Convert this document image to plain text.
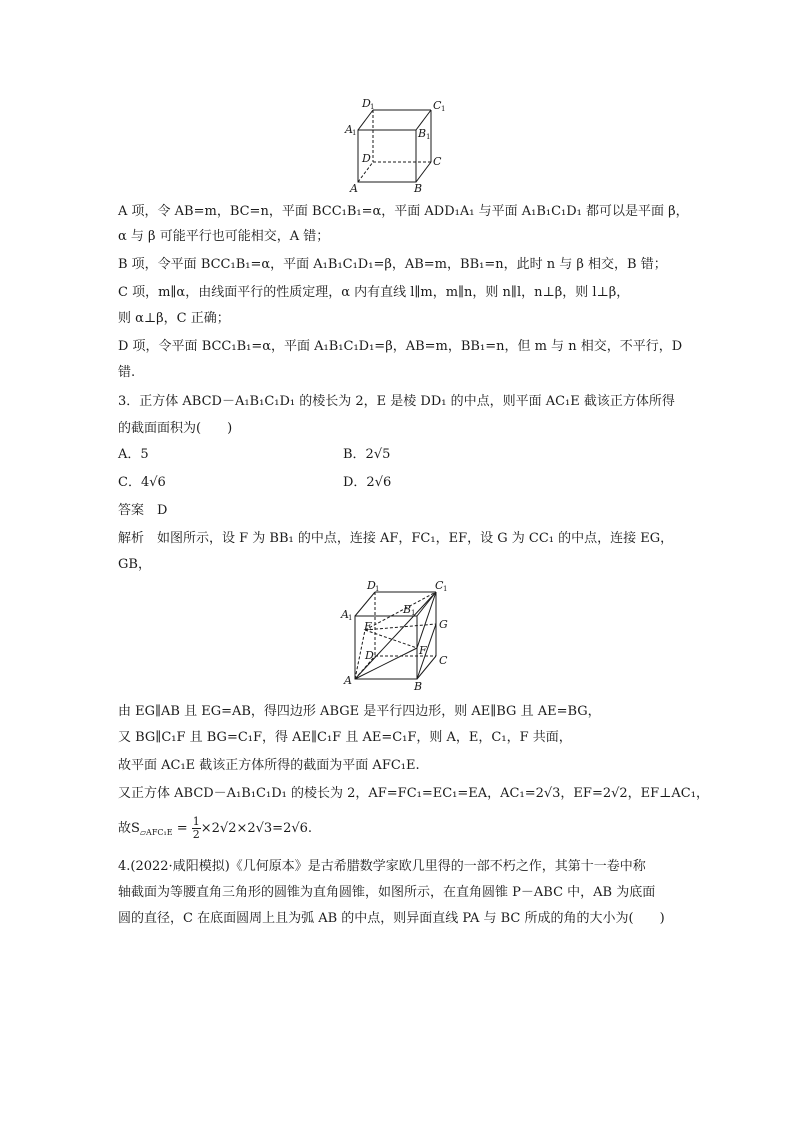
D 1	C 1
A 1	B 1
D	C
A	B
A 项，令 AB=m，BC=n，平面 BCC₁B₁=α，平面 ADD₁A₁ 与平面 A₁B₁C₁D₁ 都可以是平面 β，
α 与 β 可能平行也可能相交，A 错；
B 项，令平面 BCC₁B₁=α，平面 A₁B₁C₁D₁=β，AB=m，BB₁=n，此时 n 与 β 相交，B 错；
C 项，m∥α，由线面平行的性质定理，α 内有直线 l∥m，m∥n，则 n∥l，n⊥β，则 l⊥β，
则 α⊥β，C 正确；
D 项，令平面 BCC₁B₁=α，平面 A₁B₁C₁D₁=β，AB=m，BB₁=n，但 m 与 n 相交，不平行，D
错.
3．正方体 ABCD－A₁B₁C₁D₁ 的棱长为 2，E 是棱 DD₁ 的中点，则平面 AC₁E 截该正方体所得
的截面面积为(　　)
A．5	B．2√5
C．4√6	D．2√6
答案　D
解析　如图所示，设 F 为 BB₁ 的中点，连接 AF，FC₁，EF，设 G 为 CC₁ 的中点，连接 EG，
GB，
D 1	C 1
A 1
B 1
E	G
D	F
C
A	B
由 EG∥AB 且 EG=AB，得四边形 ABGE 是平行四边形，则 AE∥BG 且 AE=BG，
又 BG∥C₁F 且 BG=C₁F，得 AE∥C₁F 且 AE=C₁F，则 A，E，C₁，F 共面，
故平面 AC₁E 截该正方体所得的截面为平面 AFC₁E.
又正方体 ABCD－A₁B₁C₁D₁ 的棱长为 2，AF=FC₁=EC₁=EA，AC₁=2√3，EF=2√2，EF⊥AC₁，
故$S_{▱AFC_1E} = \frac{1}{2} \times 2√2\times 2√3=2√6$.
4.(2022·咸阳模拟)《几何原本》是古希腊数学家欧几里得的一部不朽之作，其第十一卷中称
轴截面为等腰直角三角形的圆锥为直角圆锥，如图所示，在直角圆锥 P－ABC 中，AB 为底面
圆的直径，C 在底面圆周上且为弧 AB 的中点，则异面直线 PA 与 BC 所成的角的大小为(　　)
